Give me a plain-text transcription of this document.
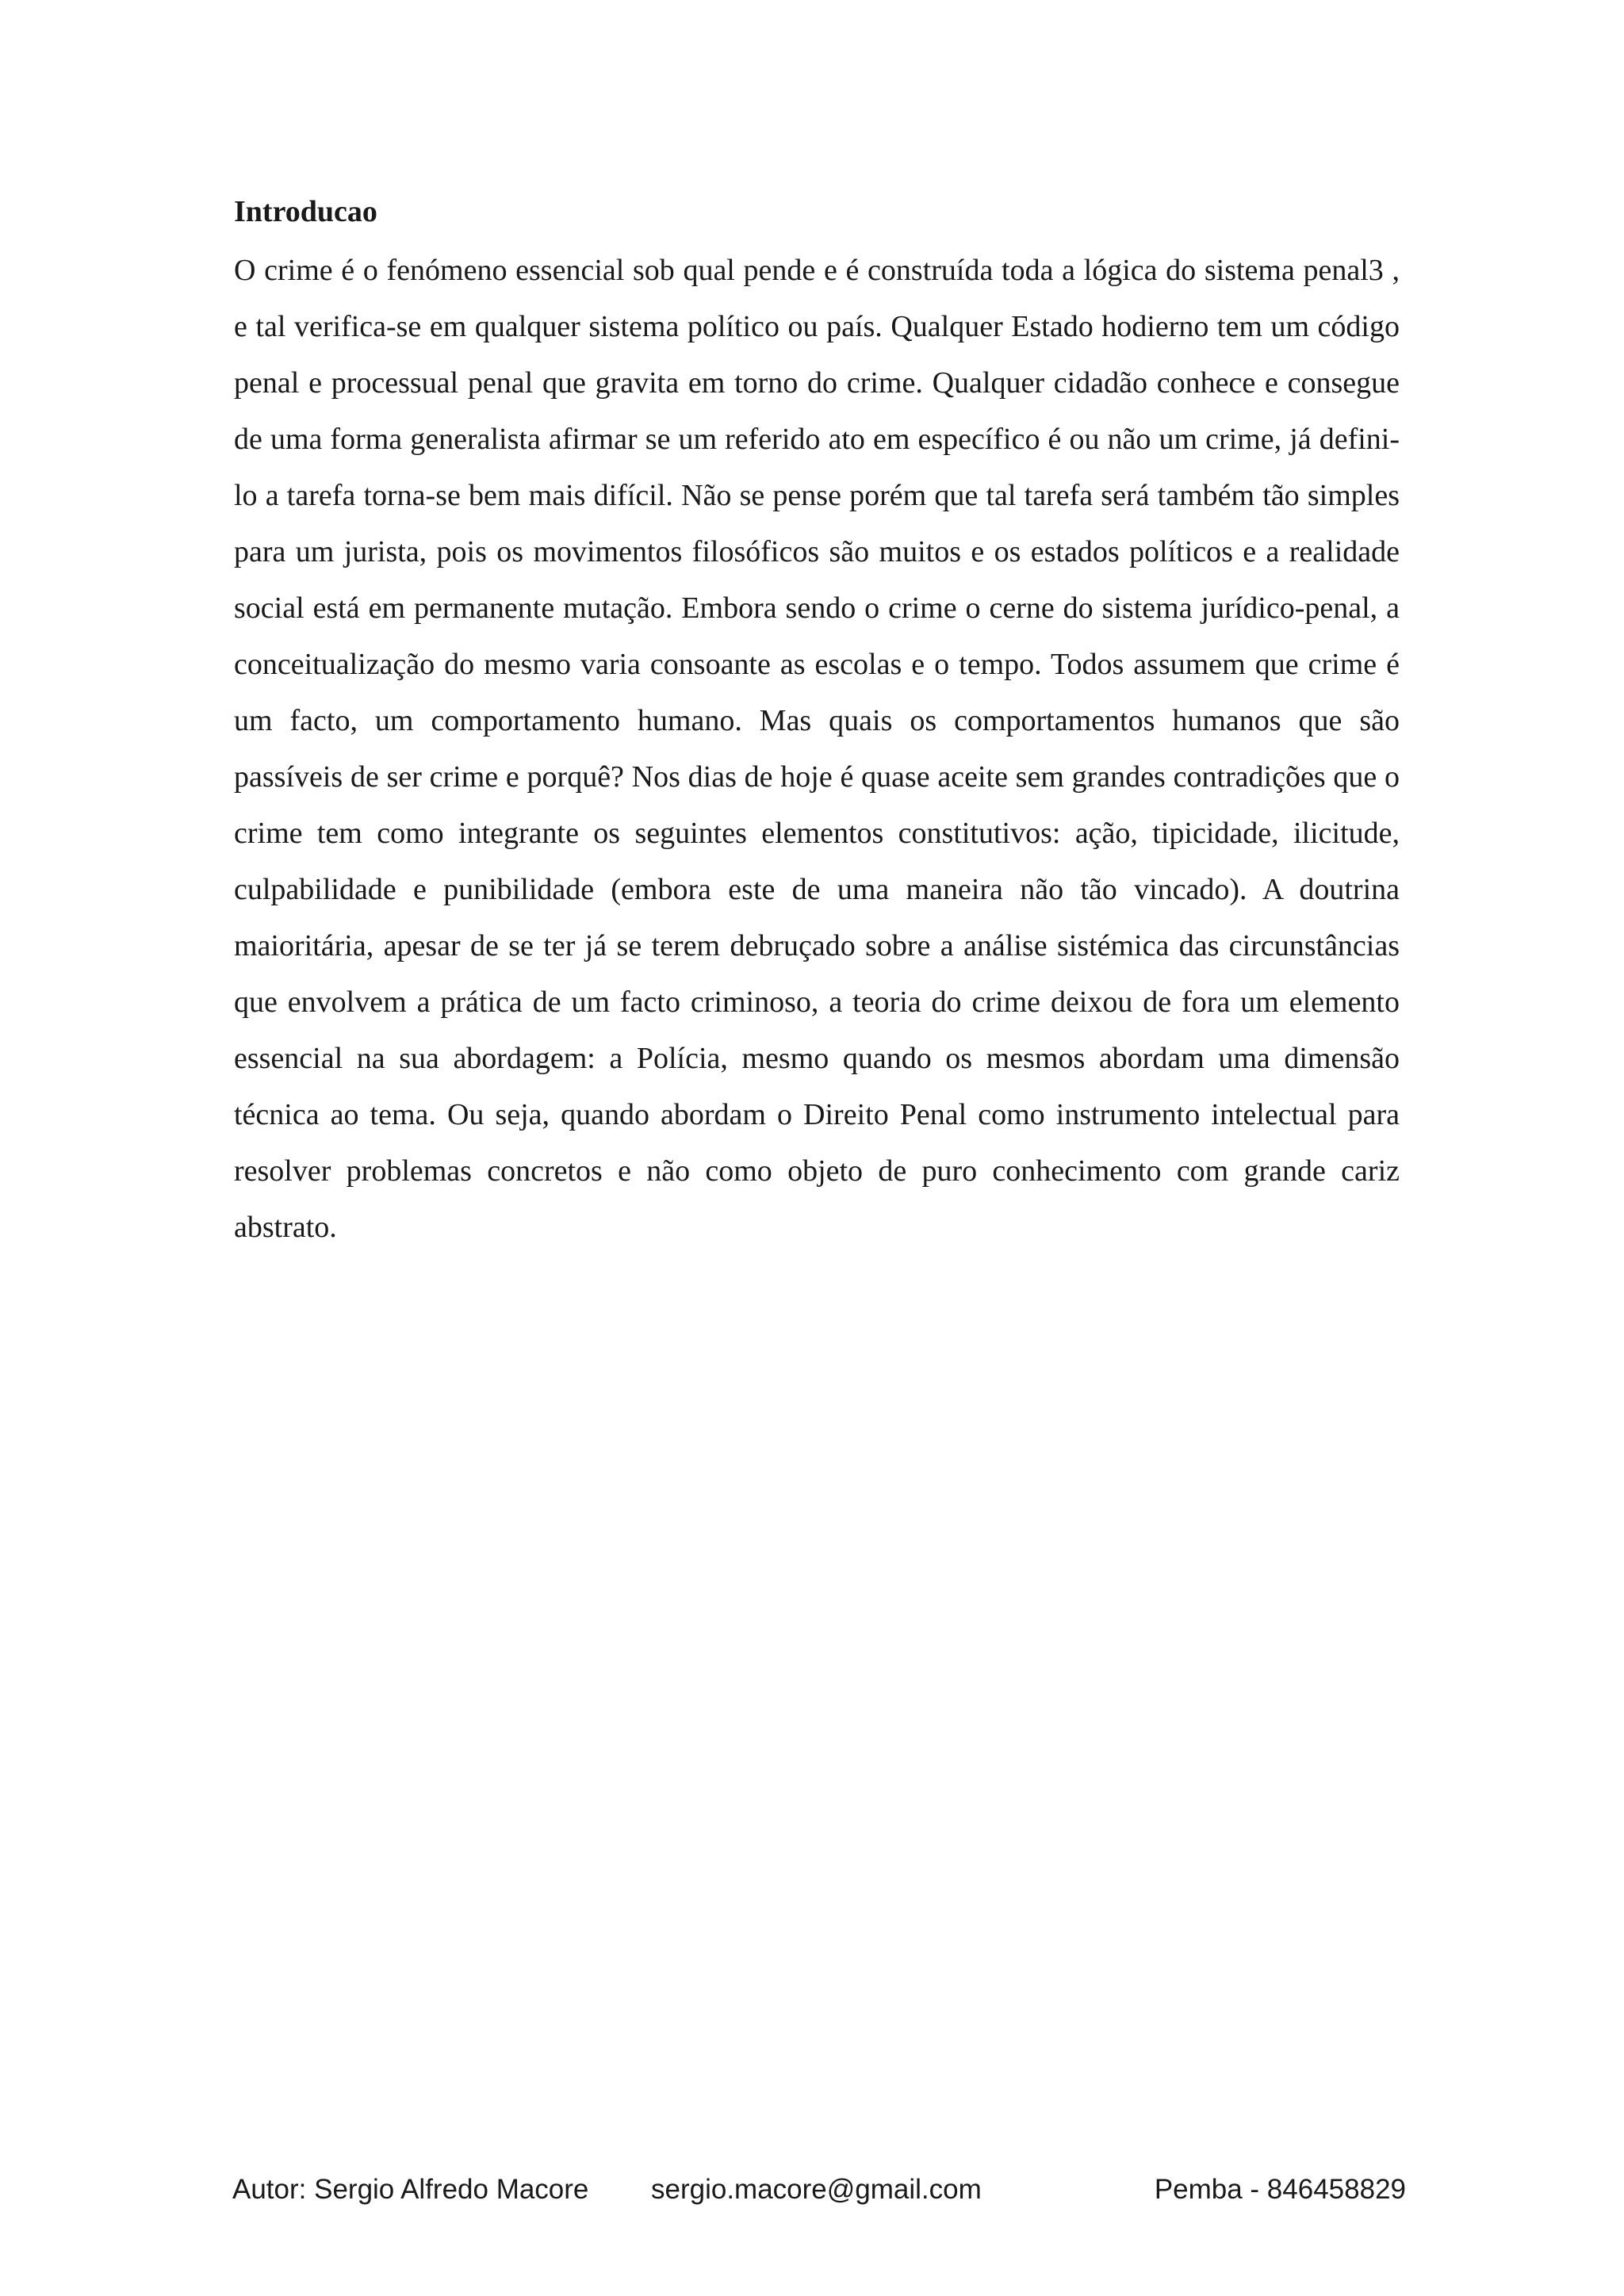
Introducao

O crime é o fenómeno essencial sob qual pende e é construída toda a lógica do sistema penal3 , e tal verifica-se em qualquer sistema político ou país. Qualquer Estado hodierno tem um código penal e processual penal que gravita em torno do crime. Qualquer cidadão conhece e consegue de uma forma generalista afirmar se um referido ato em específico é ou não um crime, já defini-lo a tarefa torna-se bem mais difícil. Não se pense porém que tal tarefa será também tão simples para um jurista, pois os movimentos filosóficos são muitos e os estados políticos e a realidade social está em permanente mutação. Embora sendo o crime o cerne do sistema jurídico-penal, a conceitualização do mesmo varia consoante as escolas e o tempo. Todos assumem que crime é um facto, um comportamento humano. Mas quais os comportamentos humanos que são passíveis de ser crime e porquê? Nos dias de hoje é quase aceite sem grandes contradições que o crime tem como integrante os seguintes elementos constitutivos: ação, tipicidade, ilicitude, culpabilidade e punibilidade (embora este de uma maneira não tão vincado). A doutrina maioritária, apesar de se ter já se terem debruçado sobre a análise sistémica das circunstâncias que envolvem a prática de um facto criminoso, a teoria do crime deixou de fora um elemento essencial na sua abordagem: a Polícia, mesmo quando os mesmos abordam uma dimensão técnica ao tema. Ou seja, quando abordam o Direito Penal como instrumento intelectual para resolver problemas concretos e não como objeto de puro conhecimento com grande cariz abstrato.

Autor: Sergio Alfredo Macore sergio.macore@gmail.com	Pemba - 846458829
